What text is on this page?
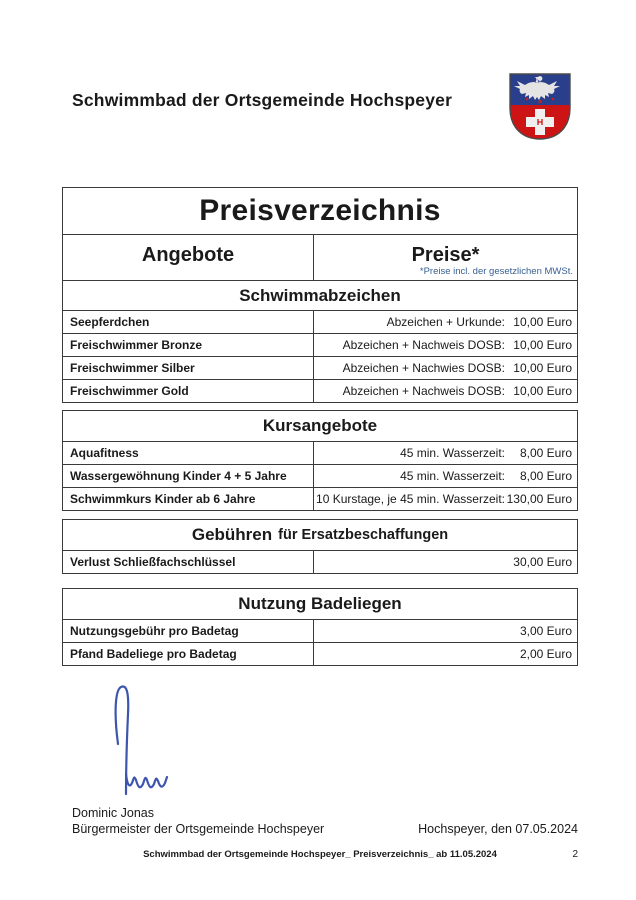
Schwimmbad der Ortsgemeinde Hochspeyer
Preisverzeichnis
Angebote	Preise*
*Preise incl. der gesetzlichen MWSt.
Schwimmabzeichen
Seepferdchen	Abzeichen + Urkunde: 10,00 Euro
Freischwimmer Bronze	Abzeichen + Nachweis DOSB: 10,00 Euro
Freischwimmer Silber	Abzeichen + Nachwies DOSB: 10,00 Euro
Freischwimmer Gold	Abzeichen + Nachweis DOSB: 10,00 Euro
Kursangebote
Aquafitness	45 min. Wasserzeit:	8,00 Euro
Wassergewöhnung Kinder 4 + 5 Jahre	45 min. Wasserzeit:	8,00 Euro
Schwimmkurs Kinder ab 6 Jahre	10 Kurstage, je 45 min. Wasserzeit: 130,00 Euro
Gebühren für Ersatzbeschaffungen
Verlust Schließfachschlüssel	30,00 Euro
Nutzung Badeliegen
Nutzungsgebühr pro Badetag	3,00 Euro
Pfand Badeliege pro Badetag	2,00 Euro
Dominic Jonas
Bürgermeister der Ortsgemeinde Hochspeyer	Hochspeyer, den 07.05.2024
Schwimmbad der Ortsgemeinde Hochspeyer_ Preisverzeichnis_ ab 11.05.2024	2
